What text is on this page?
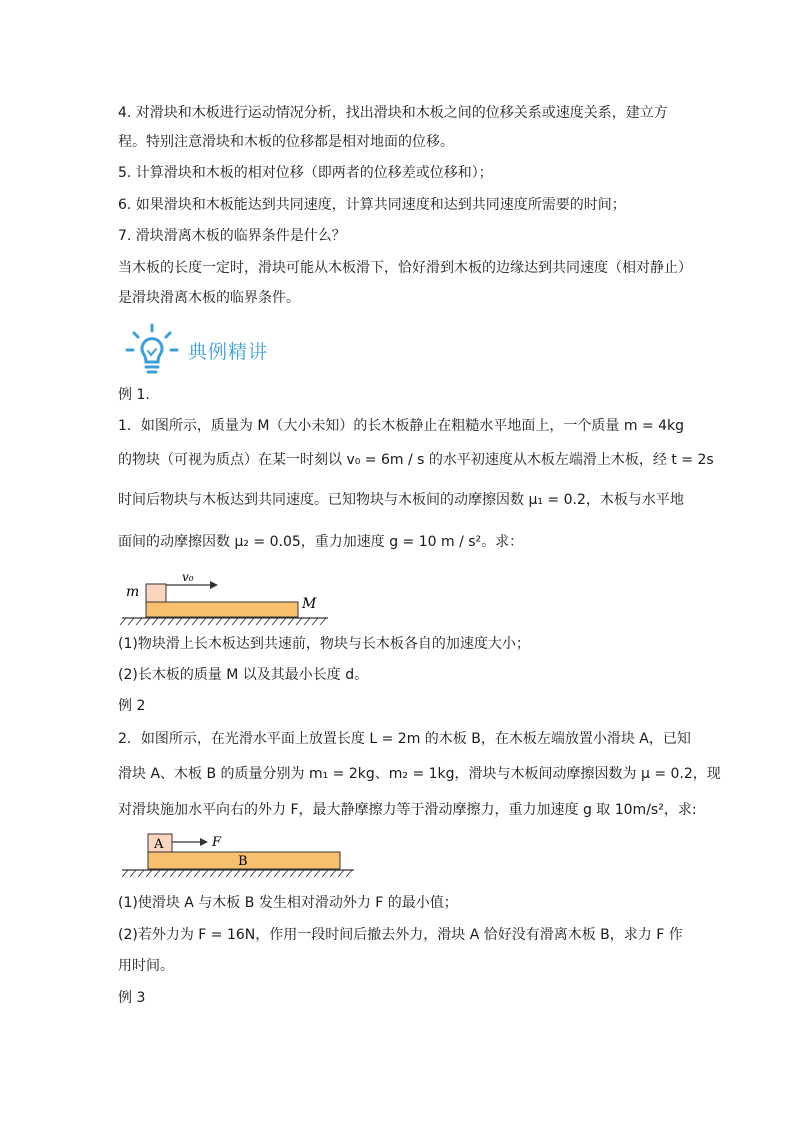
4. 对滑块和木板进行运动情况分析，找出滑块和木板之间的位移关系或速度关系，建立方
程。特别注意滑块和木板的位移都是相对地面的位移。
5. 计算滑块和木板的相对位移（即两者的位移差或位移和）；
6. 如果滑块和木板能达到共同速度，计算共同速度和达到共同速度所需要的时间；
7. 滑块滑离木板的临界条件是什么？
当木板的长度一定时，滑块可能从木板滑下，恰好滑到木板的边缘达到共同速度（相对静止）
是滑块滑离木板的临界条件。
典例精讲
例 1.
1．如图所示，质量为 M（大小未知）的长木板静止在粗糙水平地面上，一个质量 m = 4kg
的物块（可视为质点）在某一时刻以 v₀ = 6m / s 的水平初速度从木板左端滑上木板，经 t = 2s
时间后物块与木板达到共同速度。已知物块与木板间的动摩擦因数 μ₁ = 0.2，木板与水平地
面间的动摩擦因数 μ₂ = 0.05，重力加速度 g = 10 m / s²。求：
m
v₀
M
(1)物块滑上长木板达到共速前，物块与长木板各自的加速度大小；
(2)长木板的质量 M 以及其最小长度 d。
例 2
2．如图所示，在光滑水平面上放置长度 L = 2m 的木板 B，在木板左端放置小滑块 A，已知
滑块 A、木板 B 的质量分别为 m₁ = 2kg、m₂ = 1kg，滑块与木板间动摩擦因数为 μ = 0.2，现
对滑块施加水平向右的外力 F，最大静摩擦力等于滑动摩擦力，重力加速度 g 取 10m/s²，求:
A	F
B
(1)使滑块 A 与木板 B 发生相对滑动外力 F 的最小值；
(2)若外力为 F = 16N，作用一段时间后撤去外力，滑块 A 恰好没有滑离木板 B，求力 F 作
用时间。
例 3
